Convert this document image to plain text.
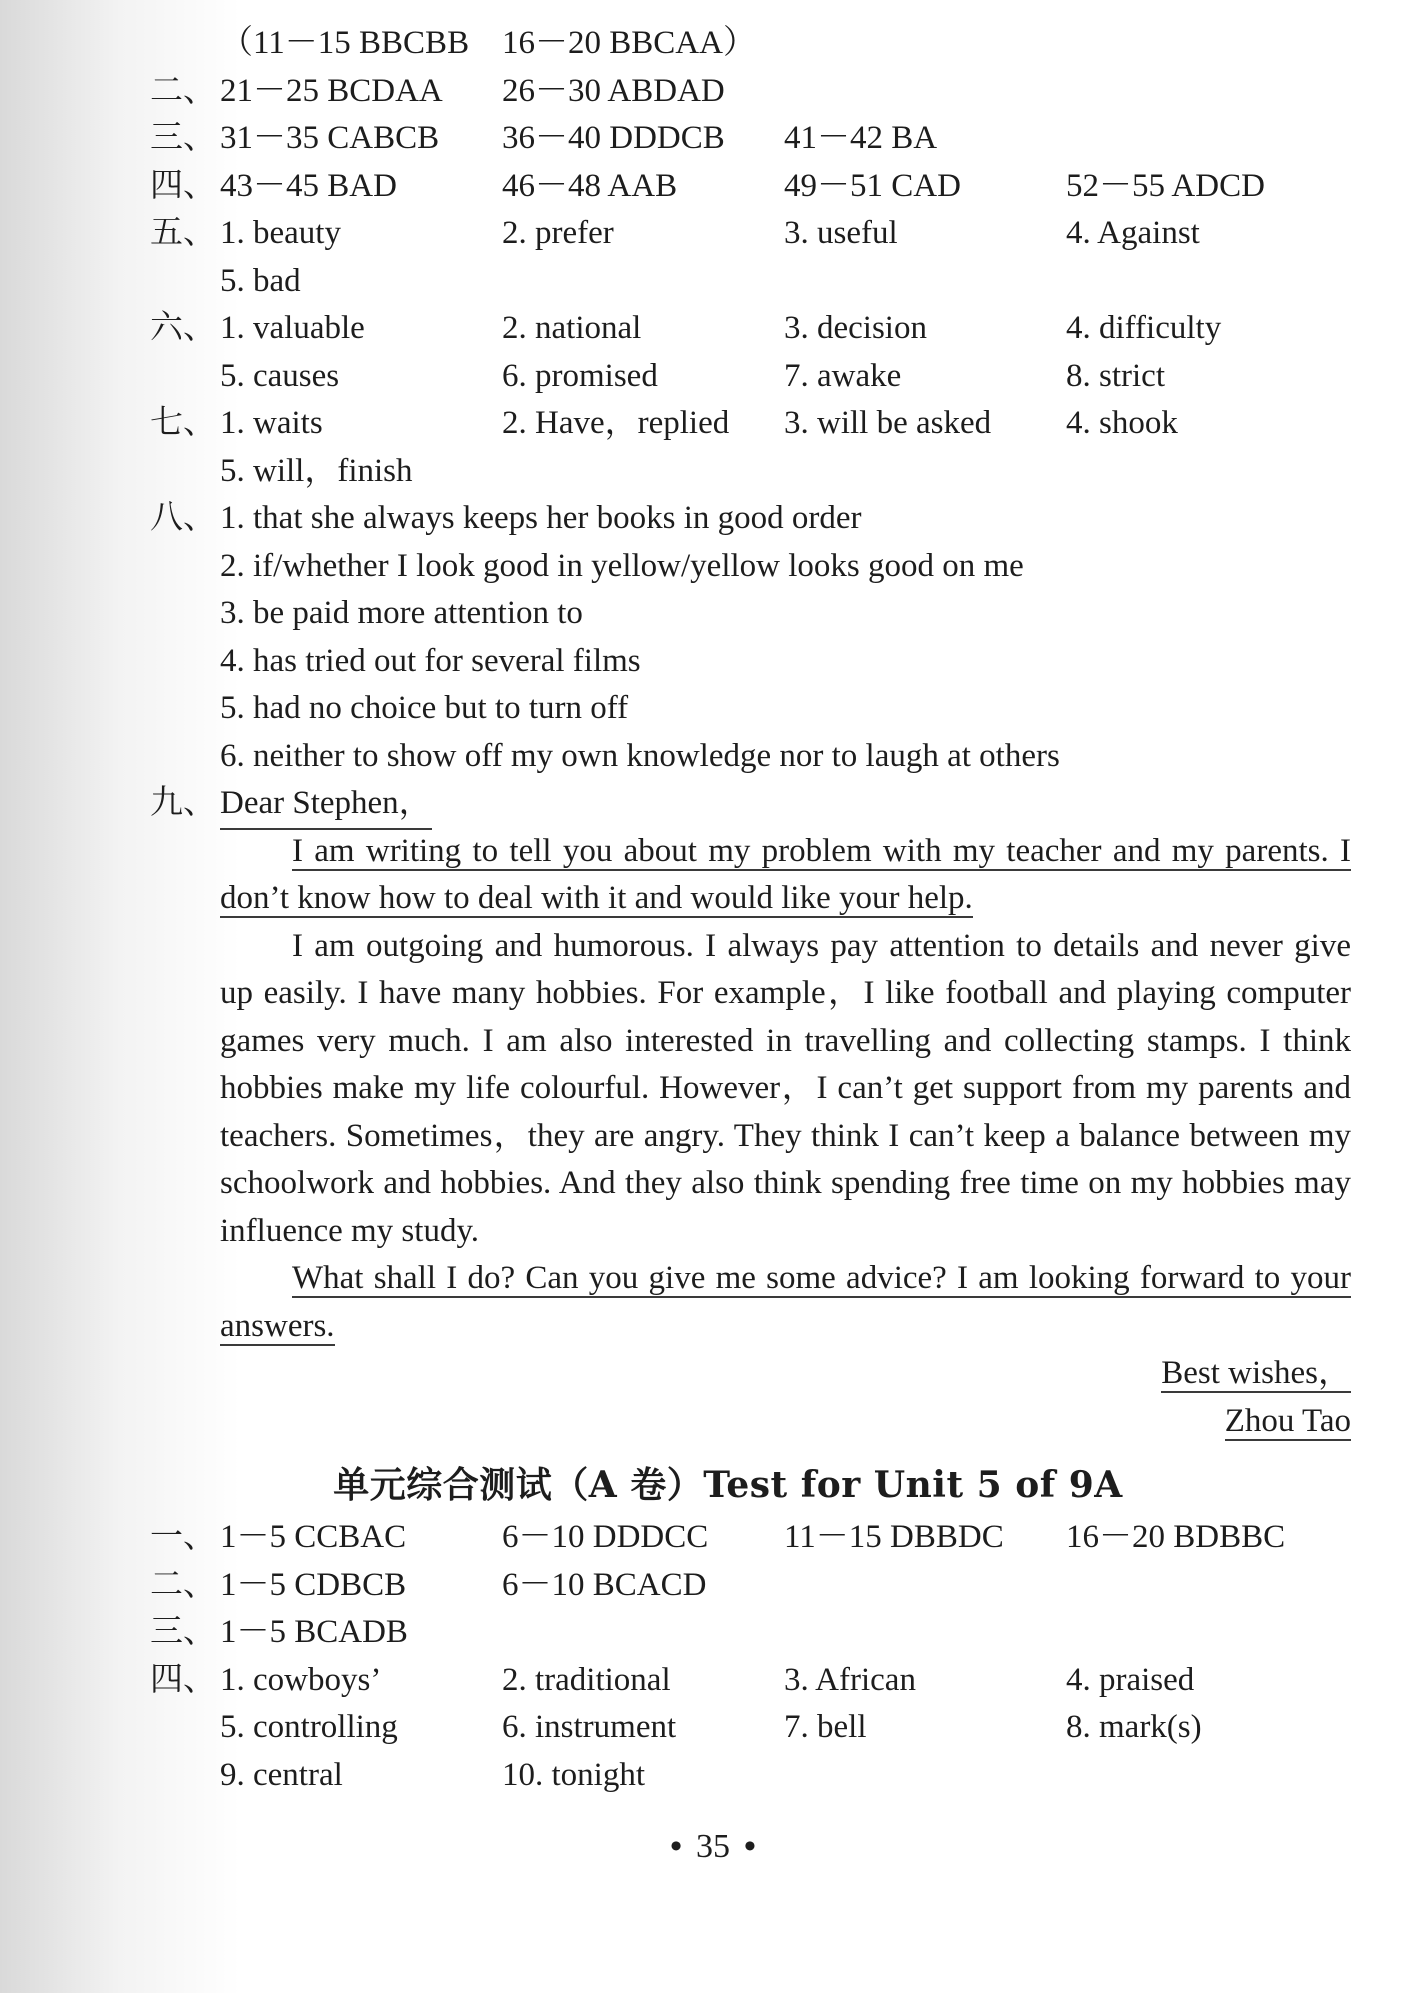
（11－15 BBCBB 16－20 BBCAA）
二、 21－25 BCDAA	26－30 ABDAD
三、 31－35 CABCB	36－40 DDDCB	41－42 BA
四、 43－45 BAD	46－48 AAB	49－51 CAD	52－55 ADCD
五、 1. beauty	2. prefer	3. useful	4. Against
5. bad
六、 1. valuable	2. national	3. decision	4. difficulty
5. causes	6. promised	7. awake	8. strict
七、 1. waits	2. Have，replied	3. will be asked	4. shook
5. will，finish
八、 1. that she always keeps her books in good order
2. if/whether I look good in yellow/yellow looks good on me
3. be paid more attention to
4. has tried out for several films
5. had no choice but to turn off
6. neither to show off my own knowledge nor to laugh at others
九、 Dear Stephen，
I am writing to tell you about my problem with my teacher and my parents. I don’t know how to deal with it and would like your help.
I am outgoing and humorous. I always pay attention to details and never give up easily. I have many hobbies. For example，I like football and playing computer games very much. I am also interested in travelling and collecting stamps. I think hobbies make my life colourful. However，I can’t get support from my parents and teachers. Sometimes，they are angry. They think I can’t keep a balance between my schoolwork and hobbies. And they also think spending free time on my hobbies may influence my study.
What shall I do? Can you give me some advice? I am looking forward to your answers.
Best wishes，
Zhou Tao
单元综合测试（A 卷）Test for Unit 5 of 9A
一、 1－5 CCBAC	6－10 DDDCC	11－15 DBBDC	16－20 BDBBC
二、 1－5 CDBCB	6－10 BCACD
三、 1－5 BCADB
四、 1. cowboys’	2. traditional	3. African	4. praised
5. controlling	6. instrument	7. bell	8. mark(s)
9. central	10. tonight
• 35 •
